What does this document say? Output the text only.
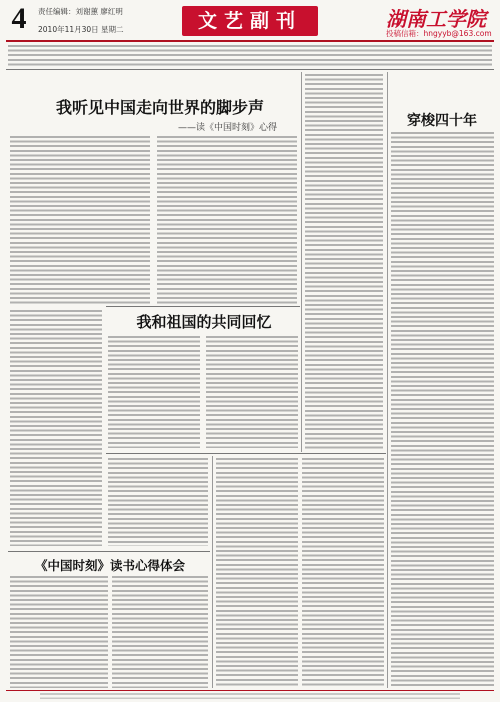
4	责任编辑：刘谢蕙 廖红明
2010年11月30日 星期二	文艺副刊	湖南工学院
投稿信箱：hngyyb@163.com
我听见中国走向世界的脚步声
——读《中国时刻》心得	穿梭四十年
我和祖国的共同回忆
《中国时刻》读书心得体会
